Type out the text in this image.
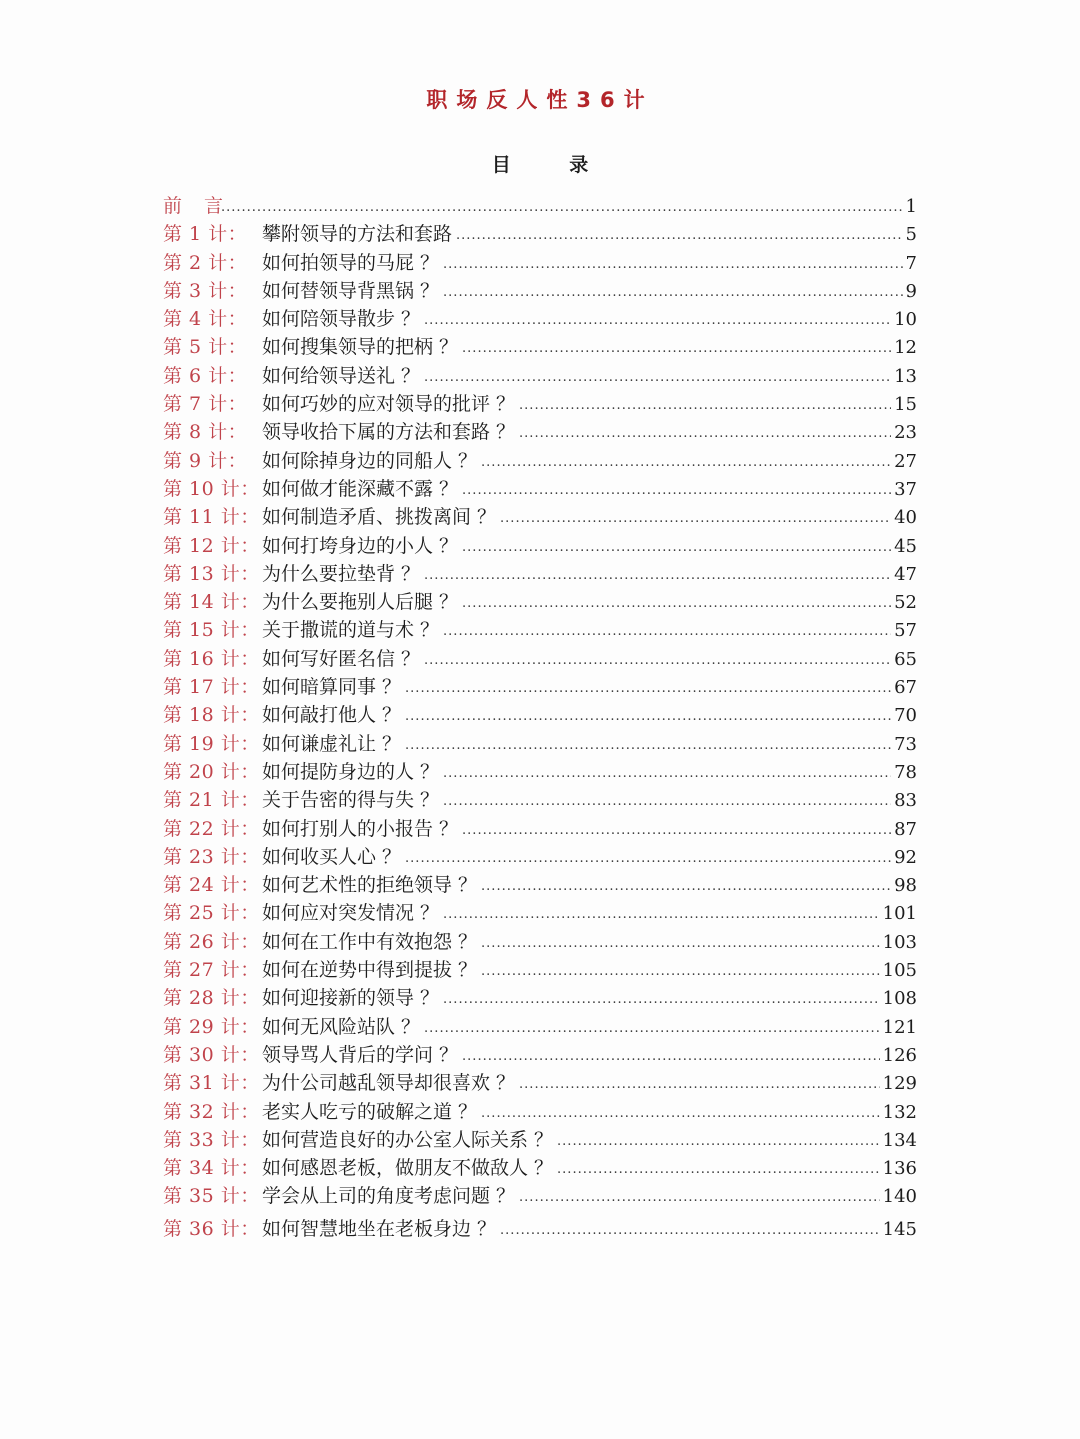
职场反人性36计
目 录
前 言 .....	1
第 1 计： 攀附领导的方法和套路 .....	5
第 2 计： 如何拍领导的马屁 ？ .....	7
第 3 计： 如何替领导背黑锅 ？ .....	9
第 4 计： 如何陪领导散步 ？ .....	10
第 5 计： 如何搜集领导的把柄 ？ .....	12
第 6 计： 如何给领导送礼 ？ .....	13
第 7 计： 如何巧妙的应对领导的批评 ？ .....	15
第 8 计： 领导收拾下属的方法和套路 ？ .....	23
第 9 计： 如何除掉身边的同船人 ？ .....	27
第 10 计： 如何做才能深藏不露 ？ .....	37
第 11 计： 如何制造矛盾、挑拨离间 ？ .....	40
第 12 计： 如何打垮身边的小人 ？ .....	45
第 13 计： 为什么要拉垫背 ？ .....	47
第 14 计： 为什么要拖别人后腿 ？ .....	52
第 15 计： 关于撒谎的道与术 ？ .....	57
第 16 计： 如何写好匿名信 ？ .....	65
第 17 计： 如何暗算同事 ？ .....	67
第 18 计： 如何敲打他人 ？ .....	70
第 19 计： 如何谦虚礼让 ？ .....	73
第 20 计： 如何提防身边的人 ？ .....	78
第 21 计： 关于告密的得与失 ？ .....	83
第 22 计： 如何打别人的小报告 ？ .....	87
第 23 计： 如何收买人心 ？ .....	92
第 24 计： 如何艺术性的拒绝领导 ？ .....	98
第 25 计： 如何应对突发情况 ？ .....	101
第 26 计： 如何在工作中有效抱怨 ？ .....	103
第 27 计： 如何在逆势中得到提拔 ？ .....	105
第 28 计： 如何迎接新的领导 ？ .....	108
第 29 计： 如何无风险站队 ？ .....	121
第 30 计： 领导骂人背后的学问 ？ .....	126
第 31 计： 为什公司越乱领导却很喜欢 ？ .....	129
第 32 计： 老实人吃亏的破解之道 ？ .....	132
第 33 计： 如何营造良好的办公室人际关系 ？ .....	134
第 34 计： 如何感恩老板，做朋友不做敌人 ？ .....	136
第 35 计： 学会从上司的角度考虑问题 ？ .....	140
第 36 计： 如何智慧地坐在老板身边 ？ .....	145
